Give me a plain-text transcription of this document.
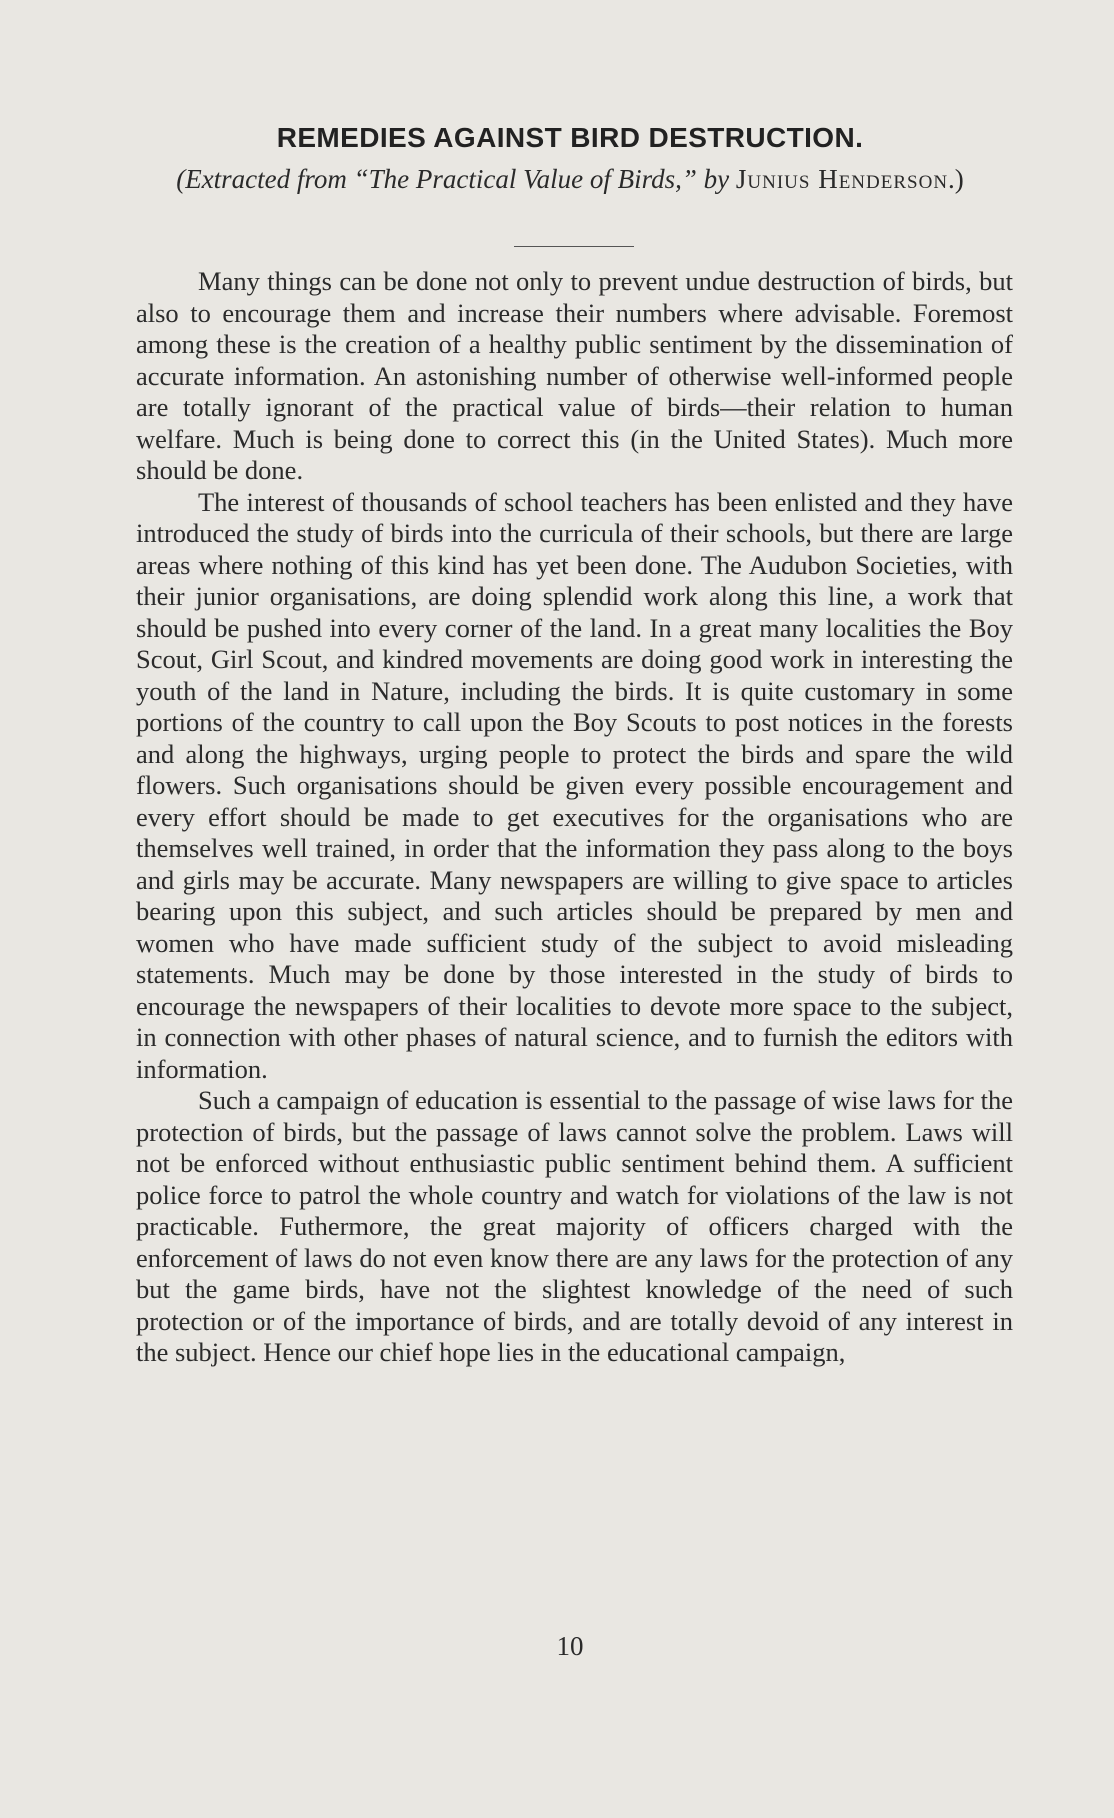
REMEDIES AGAINST BIRD DESTRUCTION.
(Extracted from “The Practical Value of Birds,” by Junius Henderson.)

Many things can be done not only to prevent undue destruction of birds, but also to encourage them and increase their numbers where advisable. Foremost among these is the creation of a healthy public sentiment by the dissemination of accurate information. An astonishing number of otherwise well-informed people are totally ignorant of the practical value of birds—their relation to human welfare. Much is being done to correct this (in the United States). Much more should be done.

The interest of thousands of school teachers has been enlisted and they have introduced the study of birds into the curricula of their schools, but there are large areas where nothing of this kind has yet been done. The Audubon Societies, with their junior organisations, are doing splendid work along this line, a work that should be pushed into every corner of the land. In a great many localities the Boy Scout, Girl Scout, and kindred movements are doing good work in interesting the youth of the land in Nature, including the birds. It is quite customary in some portions of the country to call upon the Boy Scouts to post notices in the forests and along the highways, urging people to protect the birds and spare the wild flowers. Such organisations should be given every possible encouragement and every effort should be made to get executives for the organisations who are themselves well trained, in order that the information they pass along to the boys and girls may be accurate. Many newspapers are willing to give space to articles bearing upon this subject, and such articles should be prepared by men and women who have made sufficient study of the subject to avoid misleading statements. Much may be done by those interested in the study of birds to encourage the newspapers of their localities to devote more space to the subject, in connection with other phases of natural science, and to furnish the editors with information.

Such a campaign of education is essential to the passage of wise laws for the protection of birds, but the passage of laws cannot solve the problem. Laws will not be enforced without enthusiastic public sentiment behind them. A sufficient police force to patrol the whole country and watch for violations of the law is not practicable. Futhermore, the great majority of officers charged with the enforcement of laws do not even know there are any laws for the protection of any but the game birds, have not the slightest knowledge of the need of such protection or of the importance of birds, and are totally devoid of any interest in the subject. Hence our chief hope lies in the educational campaign,

10
